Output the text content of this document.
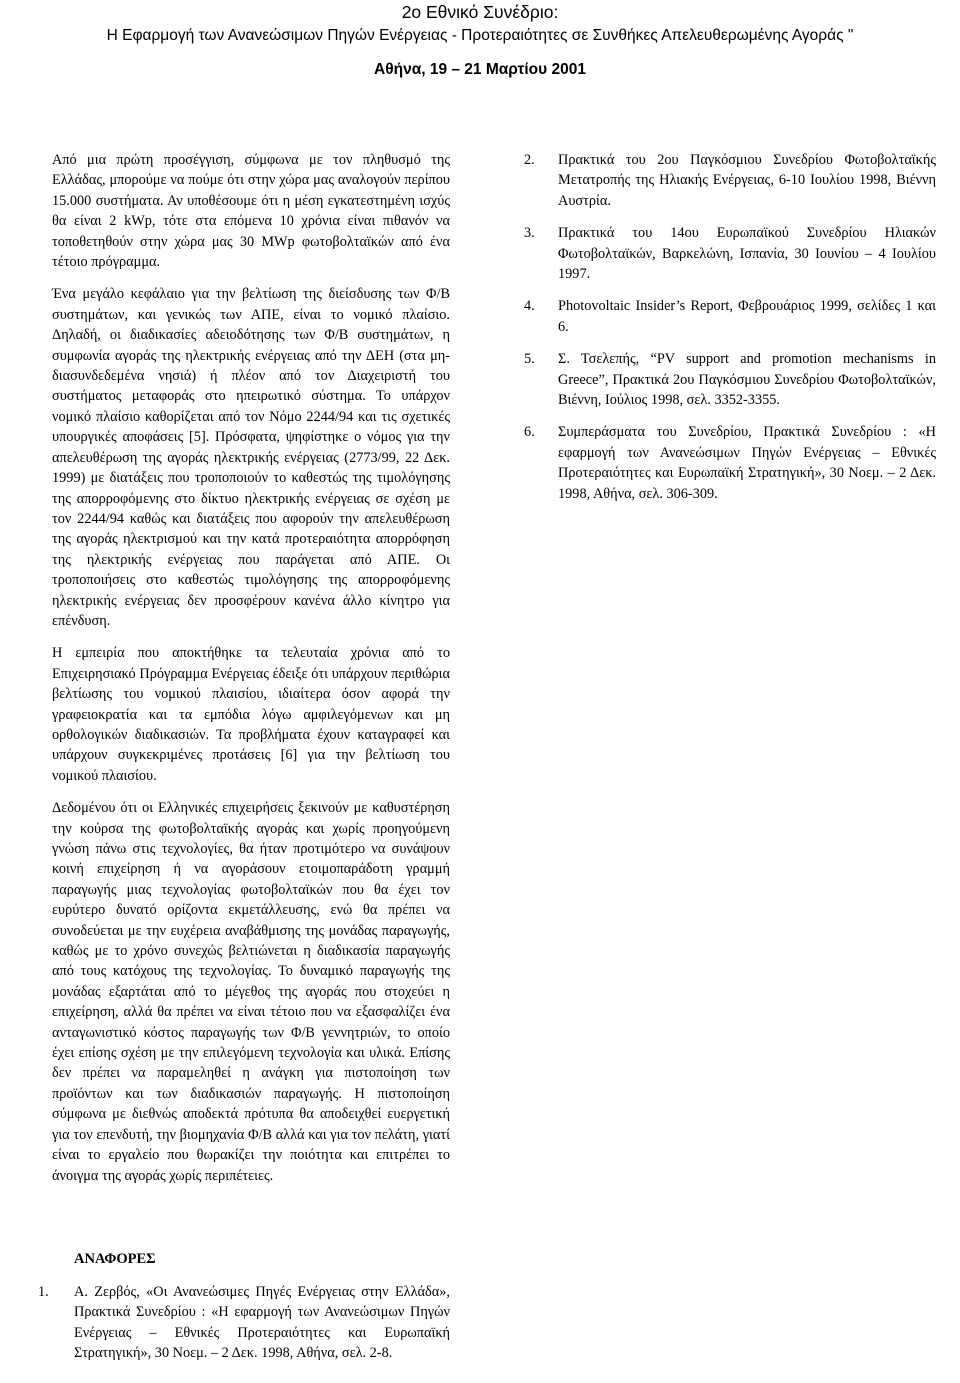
2ο Εθνικό Συνέδριο:
Η Εφαρμογή των Ανανεώσιμων Πηγών Ενέργειας - Προτεραιότητες σε Συνθήκες Απελευθερωμένης Αγοράς "
Αθήνα, 19 – 21 Μαρτίου 2001

Από μια πρώτη προσέγγιση, σύμφωνα με τον πληθυσμό της Ελλάδας, μπορούμε να πούμε ότι στην χώρα μας αναλογούν περίπου 15.000 συστήματα. Αν υποθέσουμε ότι η μέση εγκατεστημένη ισχύς θα είναι 2 kWp, τότε στα επόμενα 10 χρόνια είναι πιθανόν να τοποθετηθούν στην χώρα μας 30 MWp φωτοβολταϊκών από ένα τέτοιο πρόγραμμα.

Ένα μεγάλο κεφάλαιο για την βελτίωση της διείσδυσης των Φ/Β συστημάτων, και γενικώς των ΑΠΕ, είναι το νομικό πλαίσιο. Δηλαδή, οι διαδικασίες αδειοδότησης των Φ/Β συστημάτων, η συμφωνία αγοράς της ηλεκτρικής ενέργειας από την ΔΕΗ (στα μη-διασυνδεδεμένα νησιά) ή πλέον από τον Διαχειριστή του συστήματος μεταφοράς στο ηπειρωτικό σύστημα. Το υπάρχον νομικό πλαίσιο καθορίζεται από τον Νόμο 2244/94 και τις σχετικές υπουργικές αποφάσεις [5]. Πρόσφατα, ψηφίστηκε ο νόμος για την απελευθέρωση της αγοράς ηλεκτρικής ενέργειας (2773/99, 22 Δεκ. 1999) με διατάξεις που τροποποιούν το καθεστώς της τιμολόγησης της απορροφόμενης στο δίκτυο ηλεκτρικής ενέργειας σε σχέση με τον 2244/94 καθώς και διατάξεις που αφορούν την απελευθέρωση της αγοράς ηλεκτρισμού και την κατά προτεραιότητα απορρόφηση της ηλεκτρικής ενέργειας που παράγεται από ΑΠΕ. Οι τροποποιήσεις στο καθεστώς τιμολόγησης της απορροφόμενης ηλεκτρικής ενέργειας δεν προσφέρουν κανένα άλλο κίνητρο για επένδυση.

Η εμπειρία που αποκτήθηκε τα τελευταία χρόνια από το Επιχειρησιακό Πρόγραμμα Ενέργειας έδειξε ότι υπάρχουν περιθώρια βελτίωσης του νομικού πλαισίου, ιδιαίτερα όσον αφορά την γραφειοκρατία και τα εμπόδια λόγω αμφιλεγόμενων και μη ορθολογικών διαδικασιών. Τα προβλήματα έχουν καταγραφεί και υπάρχουν συγκεκριμένες προτάσεις [6] για την βελτίωση του νομικού πλαισίου.

Δεδομένου ότι οι Ελληνικές επιχειρήσεις ξεκινούν με καθυστέρηση την κούρσα της φωτοβολταϊκής αγοράς και χωρίς προηγούμενη γνώση πάνω στις τεχνολογίες, θα ήταν προτιμότερο να συνάψουν κοινή επιχείρηση ή να αγοράσουν ετοιμοπαράδοτη γραμμή παραγωγής μιας τεχνολογίας φωτοβολταϊκών που θα έχει τον ευρύτερο δυνατό ορίζοντα εκμετάλλευσης, ενώ θα πρέπει να συνοδεύεται με την ευχέρεια αναβάθμισης της μονάδας παραγωγής, καθώς με το χρόνο συνεχώς βελτιώνεται η διαδικασία παραγωγής από τους κατόχους της τεχνολογίας. Το δυναμικό παραγωγής της μονάδας εξαρτάται από το μέγεθος της αγοράς που στοχεύει η επιχείρηση, αλλά θα πρέπει να είναι τέτοιο που να εξασφαλίζει ένα ανταγωνιστικό κόστος παραγωγής των Φ/Β γεννητριών, το οποίο έχει επίσης σχέση με την επιλεγόμενη τεχνολογία και υλικά. Επίσης δεν πρέπει να παραμεληθεί η ανάγκη για πιστοποίηση των προϊόντων και των διαδικασιών παραγωγής. Η πιστοποίηση σύμφωνα με διεθνώς αποδεκτά πρότυπα θα αποδειχθεί ευεργετική για τον επενδυτή, την βιομηχανία Φ/Β αλλά και για τον πελάτη, γιατί είναι το εργαλείο που θωρακίζει την ποιότητα και επιτρέπει το άνοιγμα της αγοράς χωρίς περιπέτειες.

ΑΝΑΦΟΡΕΣ
1. Α. Ζερβός, «Οι Ανανεώσιμες Πηγές Ενέργειας στην Ελλάδα», Πρακτικά Συνεδρίου : «Η εφαρμογή των Ανανεώσιμων Πηγών Ενέργειας – Εθνικές Προτεραιότητες και Ευρωπαϊκή Στρατηγική», 30 Νοεμ. – 2 Δεκ. 1998, Αθήνα, σελ. 2-8.
2. Πρακτικά του 2ου Παγκόσμιου Συνεδρίου Φωτοβολταϊκής Μετατροπής της Ηλιακής Ενέργειας, 6-10 Ιουλίου 1998, Βιέννη Αυστρία.
3. Πρακτικά του 14ου Ευρωπαϊκού Συνεδρίου Ηλιακών Φωτοβολταϊκών, Βαρκελώνη, Ισπανία, 30 Ιουνίου – 4 Ιουλίου 1997.
4. Photovoltaic Insider’s Report, Φεβρουάριος 1999, σελίδες 1 και 6.
5. Σ. Τσελεπής, “PV support and promotion mechanisms in Greece”, Πρακτικά 2ου Παγκόσμιου Συνεδρίου Φωτοβολταϊκών, Βιέννη, Ιούλιος 1998, σελ. 3352-3355.
6. Συμπεράσματα του Συνεδρίου, Πρακτικά Συνεδρίου : «Η εφαρμογή των Ανανεώσιμων Πηγών Ενέργειας – Εθνικές Προτεραιότητες και Ευρωπαϊκή Στρατηγική», 30 Νοεμ. – 2 Δεκ. 1998, Αθήνα, σελ. 306-309.
